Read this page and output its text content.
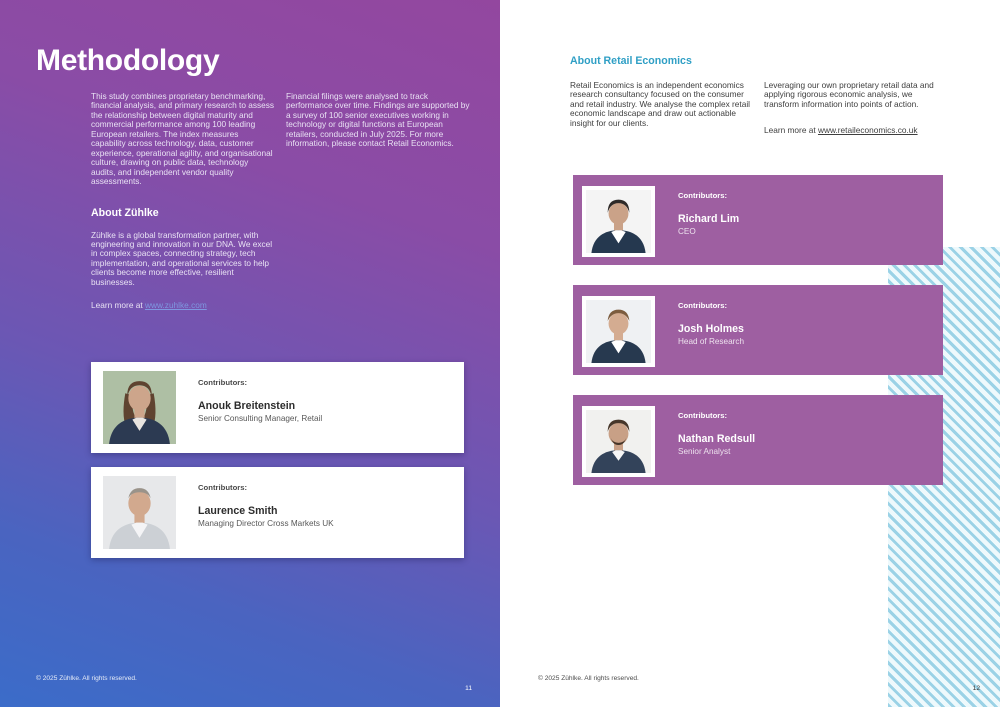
Methodology

This study combines proprietary benchmarking, financial analysis, and primary research to assess the relationship between digital maturity and commercial performance among 100 leading European retailers. The index measures capability across technology, data, customer experience, operational agility, and organisational culture, drawing on public data, technology audits, and independent vendor quality assessments.

About Zühlke

Zühlke is a global transformation partner, with engineering and innovation in our DNA. We excel in complex spaces, connecting strategy, tech implementation, and operational services to help clients become more effective, resilient businesses.

Learn more at www.zuhlke.com

Financial filings were analysed to track performance over time. Findings are supported by a survey of 100 senior executives working in technology or digital functions at European retailers, conducted in July 2025. For more information, please contact Retail Economics.

Contributors:

Anouk Breitenstein

Senior Consulting Manager, Retail

Contributors:

Laurence Smith

Managing Director Cross Markets UK

© 2025 Zühlke. All rights reserved.
11
About Retail Economics

Retail Economics is an independent economics research consultancy focused on the consumer and retail industry. We analyse the complex retail economic landscape and draw out actionable insight for our clients.

Leveraging our own proprietary retail data and applying rigorous economic analysis, we transform information into points of action.

Learn more at www.retaileconomics.co.uk

Contributors:

Richard Lim

CEO

Contributors:

Josh Holmes

Head of Research

Contributors:

Nathan Redsull

Senior Analyst

© 2025 Zühlke. All rights reserved.
12
